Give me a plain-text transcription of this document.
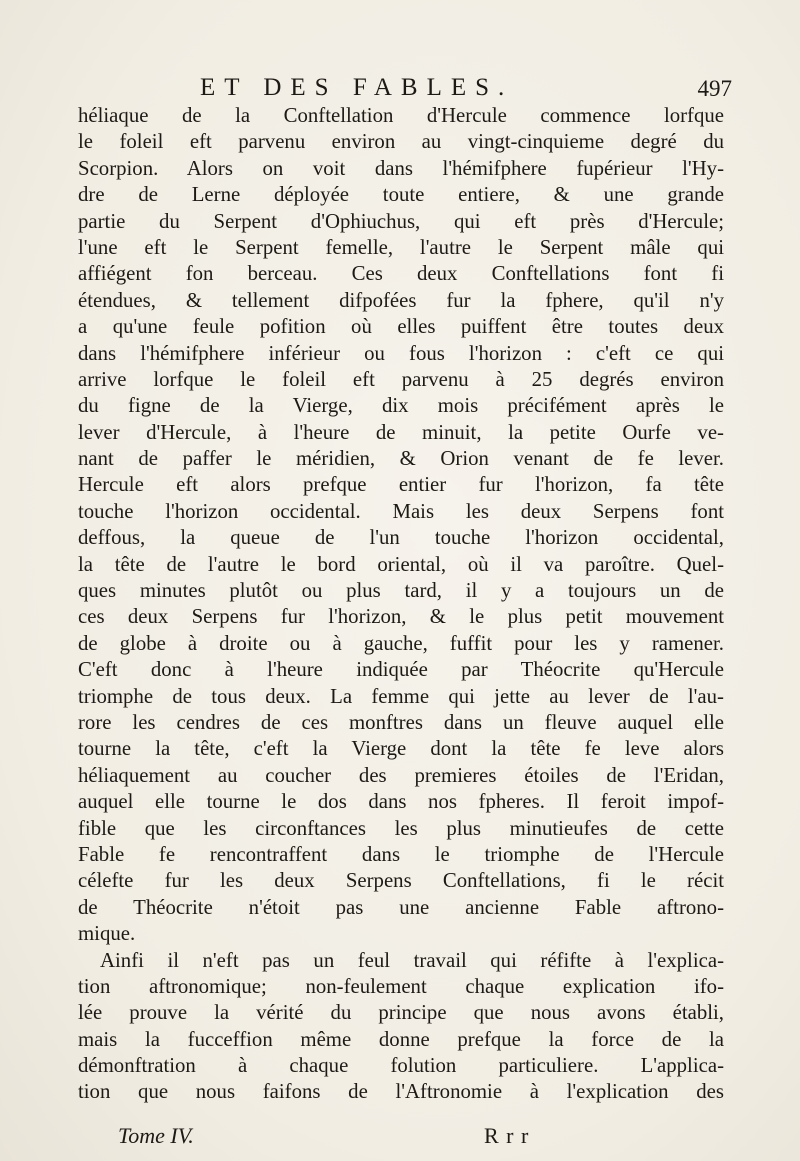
ET DES FABLES.	497
héliaque de la Conftellation d'Hercule commence lorfque
le foleil eft parvenu environ au vingt-cinquieme degré du
Scorpion. Alors on voit dans l'hémifphere fupérieur l'Hy-
dre de Lerne déployée toute entiere, & une grande
partie du Serpent d'Ophiuchus, qui eft près d'Hercule;
l'une eft le Serpent femelle, l'autre le Serpent mâle qui
affiégent fon berceau. Ces deux Conftellations font fi
étendues, & tellement difpofées fur la fphere, qu'il n'y
a qu'une feule pofition où elles puiffent être toutes deux
dans l'hémifphere inférieur ou fous l'horizon : c'eft ce qui
arrive lorfque le foleil eft parvenu à 25 degrés environ
du figne de la Vierge, dix mois précifément après le
lever d'Hercule, à l'heure de minuit, la petite Ourfe ve-
nant de paffer le méridien, & Orion venant de fe lever.
Hercule eft alors prefque entier fur l'horizon, fa tête
touche l'horizon occidental. Mais les deux Serpens font
deffous, la queue de l'un touche l'horizon occidental,
la tête de l'autre le bord oriental, où il va paroître. Quel-
ques minutes plutôt ou plus tard, il y a toujours un de
ces deux Serpens fur l'horizon, & le plus petit mouvement
de globe à droite ou à gauche, fuffit pour les y ramener.
C'eft donc à l'heure indiquée par Théocrite qu'Hercule
triomphe de tous deux. La femme qui jette au lever de l'au-
rore les cendres de ces monftres dans un fleuve auquel elle
tourne la tête, c'eft la Vierge dont la tête fe leve alors
héliaquement au coucher des premieres étoiles de l'Eridan,
auquel elle tourne le dos dans nos fpheres. Il feroit impof-
fible que les circonftances les plus minutieufes de cette
Fable fe rencontraffent dans le triomphe de l'Hercule
célefte fur les deux Serpens Conftellations, fi le récit
de Théocrite n'étoit pas une ancienne Fable aftrono-
mique.
Ainfi il n'eft pas un feul travail qui réfifte à l'explica-
tion aftronomique; non-feulement chaque explication ifo-
lée prouve la vérité du principe que nous avons établi,
mais la fucceffion même donne prefque la force de la
démonftration à chaque folution particuliere. L'applica-
tion que nous faifons de l'Aftronomie à l'explication des
Tome IV.	R r r
